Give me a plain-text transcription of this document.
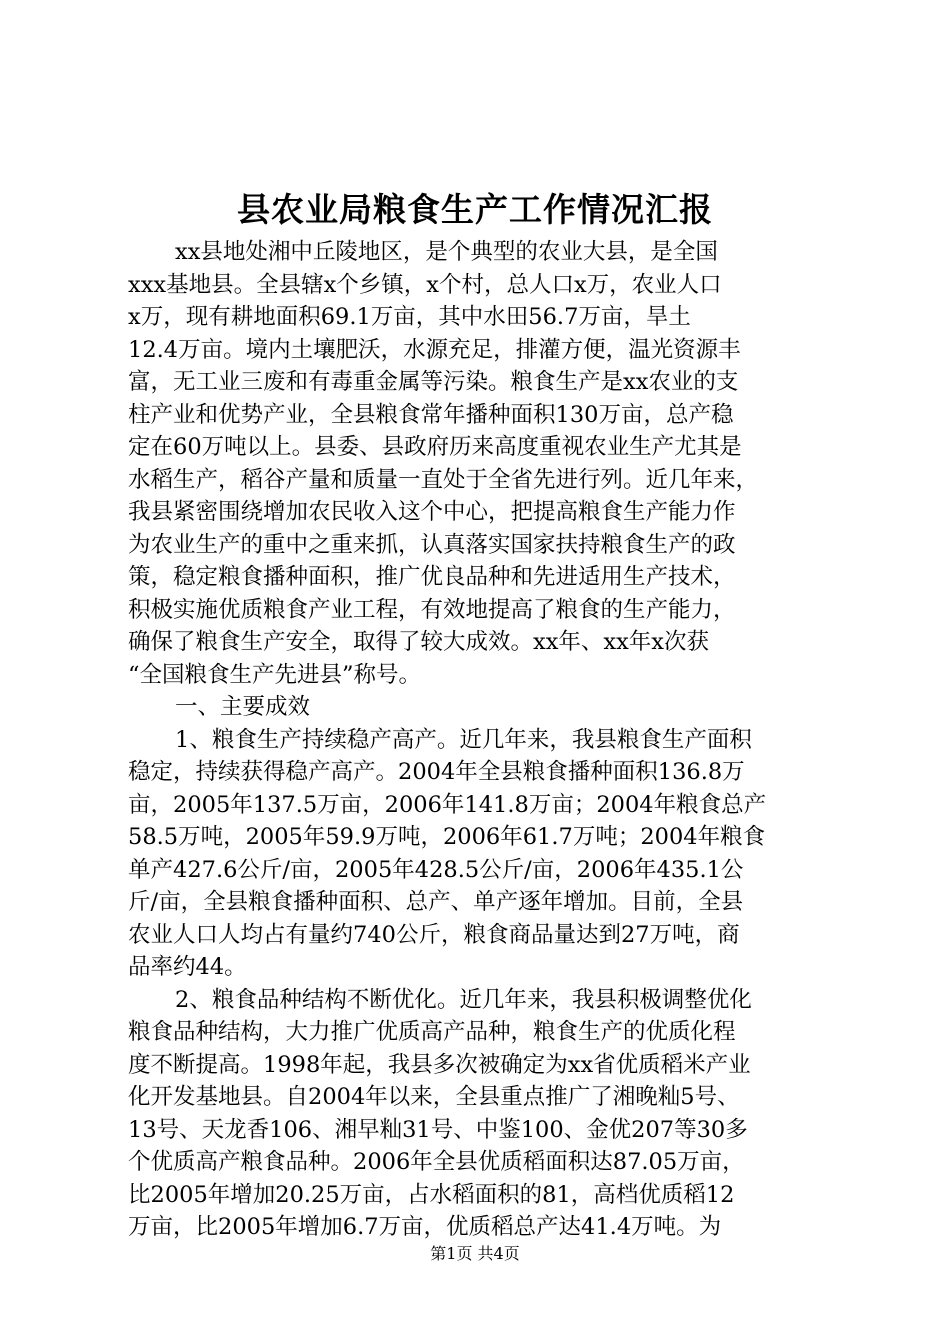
县农业局粮食生产工作情况汇报
xx县地处湘中丘陵地区，是个典型的农业大县，是全国
xxx基地县。全县辖x个乡镇，x个村，总人口x万，农业人口
x万，现有耕地面积69.1万亩，其中水田56.7万亩，旱土
12.4万亩。境内土壤肥沃，水源充足，排灌方便，温光资源丰
富，无工业三废和有毒重金属等污染。粮食生产是xx农业的支
柱产业和优势产业，全县粮食常年播种面积130万亩，总产稳
定在60万吨以上。县委、县政府历来高度重视农业生产尤其是
水稻生产，稻谷产量和质量一直处于全省先进行列。近几年来，
我县紧密围绕增加农民收入这个中心，把提高粮食生产能力作
为农业生产的重中之重来抓，认真落实国家扶持粮食生产的政
策，稳定粮食播种面积，推广优良品种和先进适用生产技术，
积极实施优质粮食产业工程，有效地提高了粮食的生产能力，
确保了粮食生产安全，取得了较大成效。xx年、xx年x次获
“全国粮食生产先进县”称号。
一、主要成效
1、粮食生产持续稳产高产。近几年来，我县粮食生产面积
稳定，持续获得稳产高产。2004年全县粮食播种面积136.8万
亩，2005年137.5万亩，2006年141.8万亩；2004年粮食总产
58.5万吨，2005年59.9万吨，2006年61.7万吨；2004年粮食
单产427.6公斤/亩，2005年428.5公斤/亩，2006年435.1公
斤/亩，全县粮食播种面积、总产、单产逐年增加。目前，全县
农业人口人均占有量约740公斤，粮食商品量达到27万吨，商
品率约44。
2、粮食品种结构不断优化。近几年来，我县积极调整优化
粮食品种结构，大力推广优质高产品种，粮食生产的优质化程
度不断提高。1998年起，我县多次被确定为xx省优质稻米产业
化开发基地县。自2004年以来，全县重点推广了湘晚籼5号、
13号、天龙香106、湘早籼31号、中鉴100、金优207等30多
个优质高产粮食品种。2006年全县优质稻面积达87.05万亩，
比2005年增加20.25万亩，占水稻面积的81，高档优质稻12
万亩，比2005年增加6.7万亩，优质稻总产达41.4万吨。为
第1页 共4页
